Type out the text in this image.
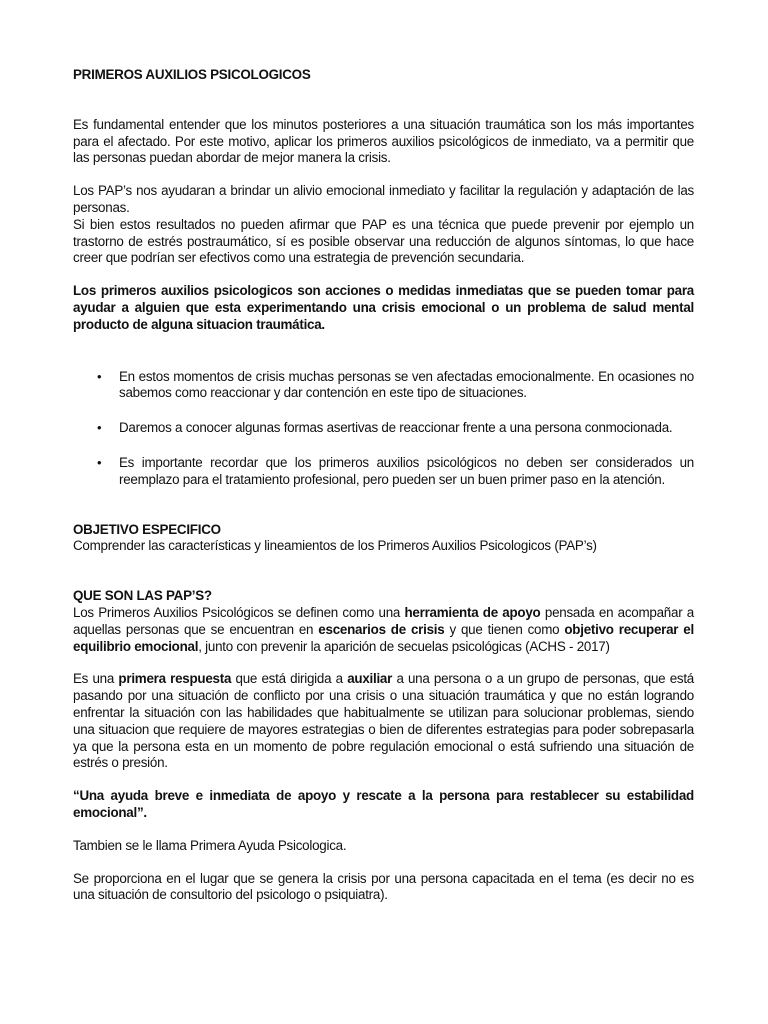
PRIMEROS AUXILIOS PSICOLOGICOS

Es fundamental entender que los minutos posteriores a una situación traumática son los más importantes para el afectado. Por este motivo, aplicar los primeros auxilios psicológicos de inmediato, va a permitir que las personas puedan abordar de mejor manera la crisis.

Los PAP’s nos ayudaran a brindar un alivio emocional inmediato y facilitar la regulación y adaptación de las personas.

Si bien estos resultados no pueden afirmar que PAP es una técnica que puede prevenir por ejemplo un trastorno de estrés postraumático, sí es posible observar una reducción de algunos síntomas, lo que hace creer que podrían ser efectivos como una estrategia de prevención secundaria.

Los primeros auxilios psicologicos son acciones o medidas inmediatas que se pueden tomar para ayudar a alguien que esta experimentando una crisis emocional o un problema de salud mental producto de alguna situacion traumática.

• En estos momentos de crisis muchas personas se ven afectadas emocionalmente. En ocasiones no sabemos como reaccionar y dar contención en este tipo de situaciones.
• Daremos a conocer algunas formas asertivas de reaccionar frente a una persona conmocionada.
• Es importante recordar que los primeros auxilios psicológicos no deben ser considerados un reemplazo para el tratamiento profesional, pero pueden ser un buen primer paso en la atención.

OBJETIVO ESPECIFICO

Comprender las características y lineamientos de los Primeros Auxilios Psicologicos (PAP’s)

QUE SON LAS PAP’S?

Los Primeros Auxilios Psicológicos se definen como una herramienta de apoyo pensada en acompañar a aquellas personas que se encuentran en escenarios de crisis y que tienen como objetivo recuperar el equilibrio emocional, junto con prevenir la aparición de secuelas psicológicas (ACHS - 2017)

Es una primera respuesta que está dirigida a auxiliar a una persona o a un grupo de personas, que está pasando por una situación de conflicto por una crisis o una situación traumática y que no están logrando enfrentar la situación con las habilidades que habitualmente se utilizan para solucionar problemas, siendo una situacion que requiere de mayores estrategias o bien de diferentes estrategias para poder sobrepasarla ya que la persona esta en un momento de pobre regulación emocional o está sufriendo una situación de estrés o presión.

“Una ayuda breve e inmediata de apoyo y rescate a la persona para restablecer su estabilidad emocional”.

Tambien se le llama Primera Ayuda Psicologica.

Se proporciona en el lugar que se genera la crisis por una persona capacitada en el tema (es decir no es una situación de consultorio del psicologo o psiquiatra).
